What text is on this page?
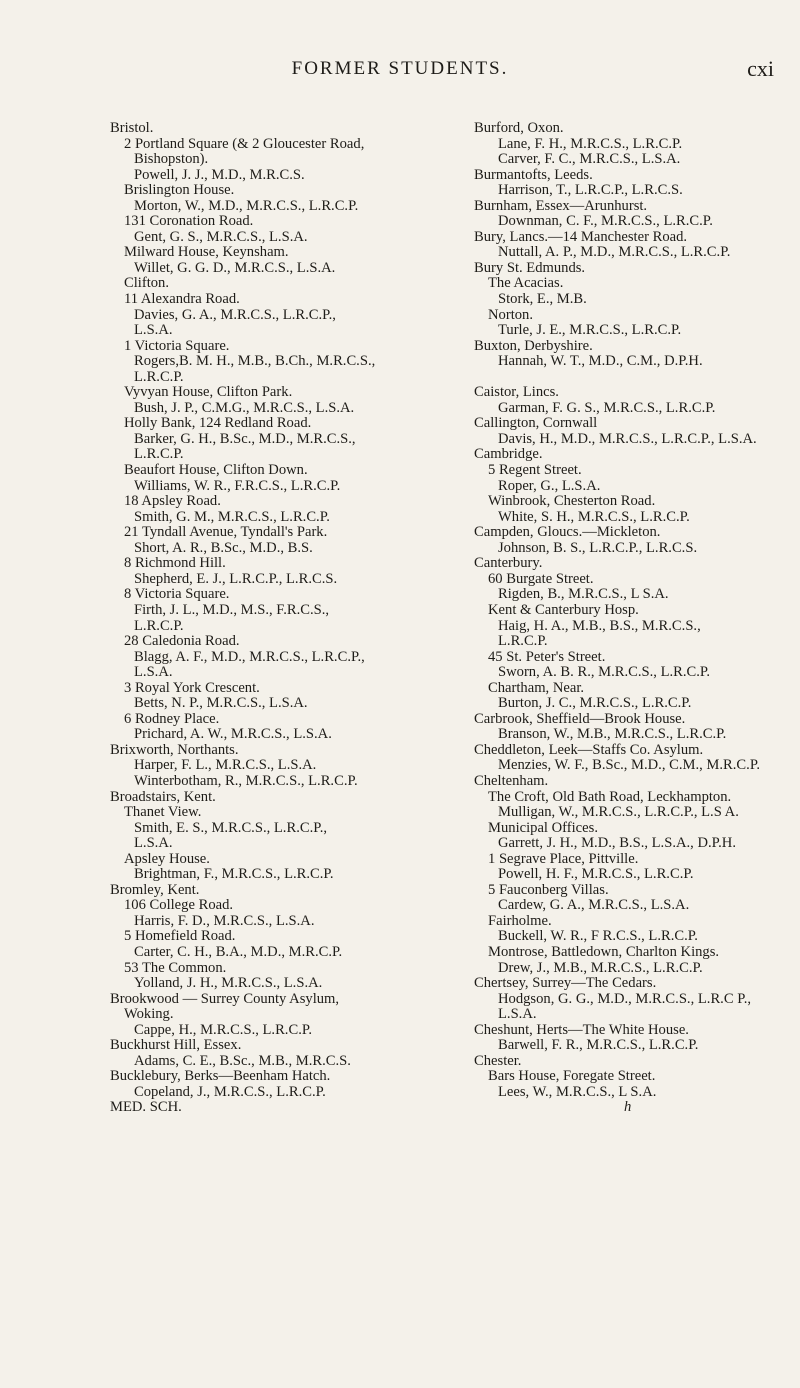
FORMER STUDENTS.	cxi
Bristol.
2 Portland Square (& 2 Gloucester Road,
Bishopston).
Powell, J. J., M.D., M.R.C.S.
Brislington House.
Morton, W., M.D., M.R.C.S., L.R.C.P.
131 Coronation Road.
Gent, G. S., M.R.C.S., L.S.A.
Milward House, Keynsham.
Willet, G. G. D., M.R.C.S., L.S.A.
Clifton.
11 Alexandra Road.
Davies, G. A., M.R.C.S., L.R.C.P.,
L.S.A.
1 Victoria Square.
Rogers,B. M. H., M.B., B.Ch., M.R.C.S.,
L.R.C.P.
Vyvyan House, Clifton Park.
Bush, J. P., C.M.G., M.R.C.S., L.S.A.
Holly Bank, 124 Redland Road.
Barker, G. H., B.Sc., M.D., M.R.C.S.,
L.R.C.P.
Beaufort House, Clifton Down.
Williams, W. R., F.R.C.S., L.R.C.P.
18 Apsley Road.
Smith, G. M., M.R.C.S., L.R.C.P.
21 Tyndall Avenue, Tyndall's Park.
Short, A. R., B.Sc., M.D., B.S.
8 Richmond Hill.
Shepherd, E. J., L.R.C.P., L.R.C.S.
8 Victoria Square.
Firth, J. L., M.D., M.S., F.R.C.S.,
L.R.C.P.
28 Caledonia Road.
Blagg, A. F., M.D., M.R.C.S., L.R.C.P.,
L.S.A.
3 Royal York Crescent.
Betts, N. P., M.R.C.S., L.S.A.
6 Rodney Place.
Prichard, A. W., M.R.C.S., L.S.A.
Brixworth, Northants.
Harper, F. L., M.R.C.S., L.S.A.
Winterbotham, R., M.R.C.S., L.R.C.P.
Broadstairs, Kent.
Thanet View.
Smith, E. S., M.R.C.S., L.R.C.P.,
L.S.A.
Apsley House.
Brightman, F., M.R.C.S., L.R.C.P.
Bromley, Kent.
106 College Road.
Harris, F. D., M.R.C.S., L.S.A.
5 Homefield Road.
Carter, C. H., B.A., M.D., M.R.C.P.
53 The Common.
Yolland, J. H., M.R.C.S., L.S.A.
Brookwood — Surrey County Asylum,
Woking.
Cappe, H., M.R.C.S., L.R.C.P.
Buckhurst Hill, Essex.
Adams, C. E., B.Sc., M.B., M.R.C.S.
Bucklebury, Berks—Beenham Hatch.
Copeland, J., M.R.C.S., L.R.C.P.
MED. SCH.
Burford, Oxon.
Lane, F. H., M.R.C.S., L.R.C.P.
Carver, F. C., M.R.C.S., L.S.A.
Burmantofts, Leeds.
Harrison, T., L.R.C.P., L.R.C.S.
Burnham, Essex—Arunhurst.
Downman, C. F., M.R.C.S., L.R.C.P.
Bury, Lancs.—14 Manchester Road.
Nuttall, A. P., M.D., M.R.C.S., L.R.C.P.
Bury St. Edmunds.
The Acacias.
Stork, E., M.B.
Norton.
Turle, J. E., M.R.C.S., L.R.C.P.
Buxton, Derbyshire.
Hannah, W. T., M.D., C.M., D.P.H.
Caistor, Lincs.
Garman, F. G. S., M.R.C.S., L.R.C.P.
Callington, Cornwall
Davis, H., M.D., M.R.C.S., L.R.C.P., L.S.A.
Cambridge.
5 Regent Street.
Roper, G., L.S.A.
Winbrook, Chesterton Road.
White, S. H., M.R.C.S., L.R.C.P.
Campden, Gloucs.—Mickleton.
Johnson, B. S., L.R.C.P., L.R.C.S.
Canterbury.
60 Burgate Street.
Rigden, B., M.R.C.S., L S.A.
Kent & Canterbury Hosp.
Haig, H. A., M.B., B.S., M.R.C.S.,
L.R.C.P.
45 St. Peter's Street.
Sworn, A. B. R., M.R.C.S., L.R.C.P.
Chartham, Near.
Burton, J. C., M.R.C.S., L.R.C.P.
Carbrook, Sheffield—Brook House.
Branson, W., M.B., M.R.C.S., L.R.C.P.
Cheddleton, Leek—Staffs Co. Asylum.
Menzies, W. F., B.Sc., M.D., C.M., M.R.C.P.
Cheltenham.
The Croft, Old Bath Road, Leckhampton.
Mulligan, W., M.R.C.S., L.R.C.P., L.S A.
Municipal Offices.
Garrett, J. H., M.D., B.S., L.S.A., D.P.H.
1 Segrave Place, Pittville.
Powell, H. F., M.R.C.S., L.R.C.P.
5 Fauconberg Villas.
Cardew, G. A., M.R.C.S., L.S.A.
Fairholme.
Buckell, W. R., F R.C.S., L.R.C.P.
Montrose, Battledown, Charlton Kings.
Drew, J., M.B., M.R.C.S., L.R.C.P.
Chertsey, Surrey—The Cedars.
Hodgson, G. G., M.D., M.R.C.S., L.R.C P.,
L.S.A.
Cheshunt, Herts—The White House.
Barwell, F. R., M.R.C.S., L.R.C.P.
Chester.
Bars House, Foregate Street.
Lees, W., M.R.C.S., L S.A.
h
